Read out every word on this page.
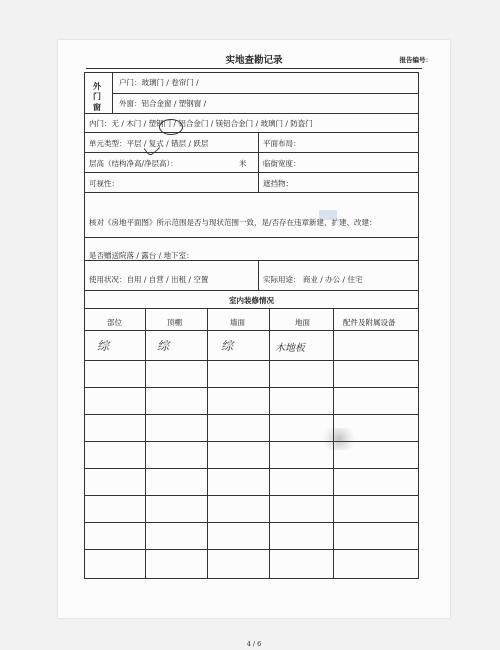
实地查勘记录	报告编号：
4 / 6
外门窗
户门：玻璃门 / 卷帘门 /
外窗：铝合金窗 / 塑钢窗 /
内门：无 / 木门 / 塑钢门 / 铝合金门 / 镁铝合金门 / 玻璃门 / 防盗门
单元类型：平层 / 复式 / 错层 / 跃层	平面布局：
层高（结构净高/净层高）：	米 临街宽度：
可视性：	遮挡物：
核对《房地平面图》所示范围是否与现状范围一致，是/否存在违章新建、扩建、改建：
是否赠送院落 / 露台 / 地下室：
使用状况：自用 / 自营 / 出租 / 空置	实际用途： 商业 / 办公 / 住宅
室内装修情况
部位	顶棚	墙面	地面	配件及附属设备
综	综	综	木地板
